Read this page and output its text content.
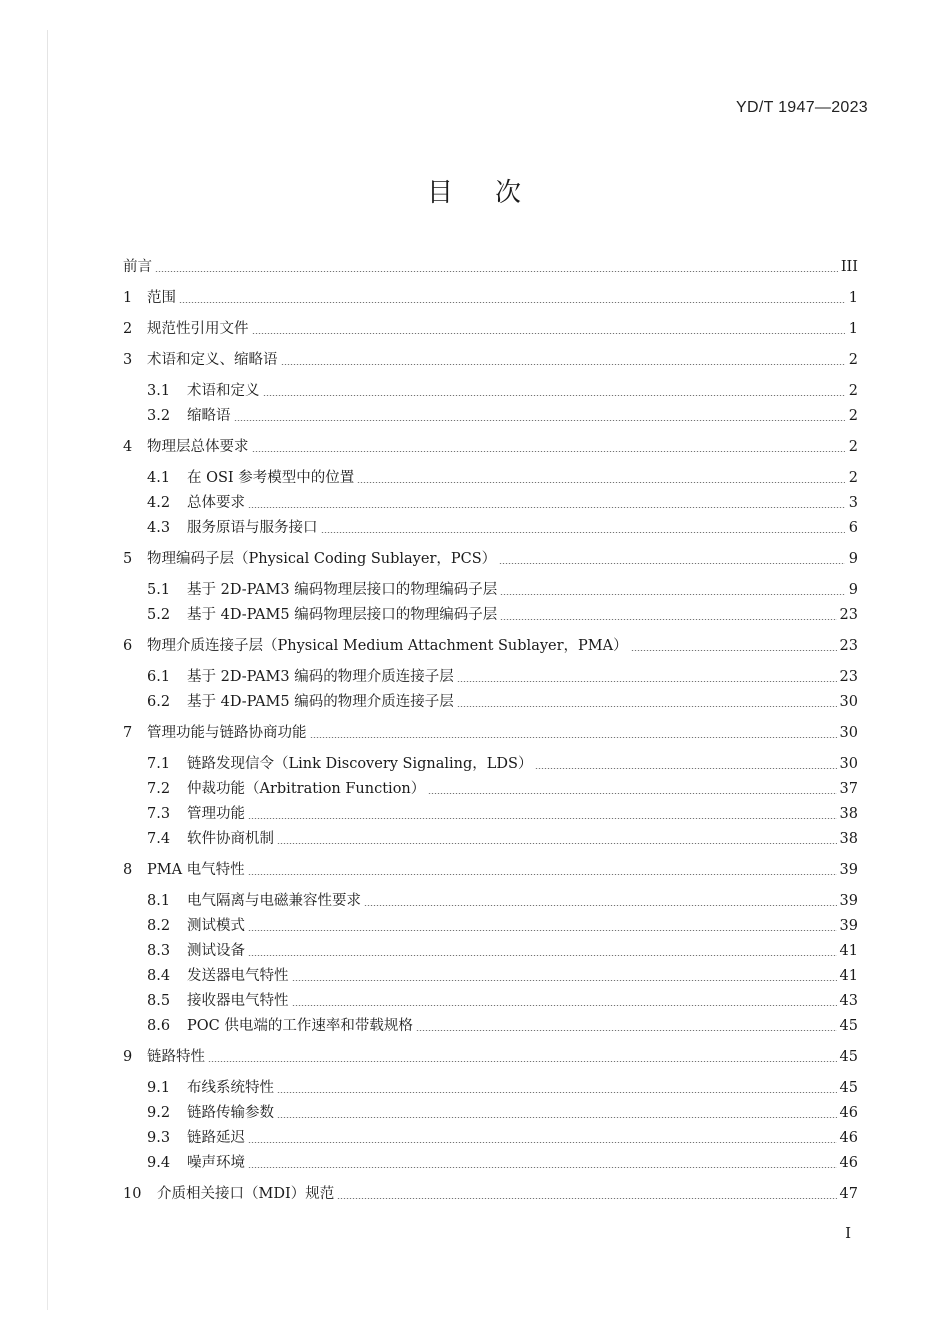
YD/T 1947—2023
目 次
前言	III
1	范围	1
2	规范性引用文件	1
3	术语和定义、缩略语	2
3.1	术语和定义	2
3.2	缩略语	2
4	物理层总体要求	2
4.1	在 OSI 参考模型中的位置	2
4.2	总体要求	3
4.3	服务原语与服务接口	6
5	物理编码子层（Physical Coding Sublayer，PCS）	9
5.1	基于 2D-PAM3 编码物理层接口的物理编码子层	9
5.2	基于 4D-PAM5 编码物理层接口的物理编码子层	23
6	物理介质连接子层（Physical Medium Attachment Sublayer，PMA）	23
6.1	基于 2D-PAM3 编码的物理介质连接子层	23
6.2	基于 4D-PAM5 编码的物理介质连接子层	30
7	管理功能与链路协商功能	30
7.1	链路发现信令（Link Discovery Signaling，LDS）	30
7.2	仲裁功能（Arbitration Function）	37
7.3	管理功能	38
7.4	软件协商机制	38
8	PMA 电气特性	39
8.1	电气隔离与电磁兼容性要求	39
8.2	测试模式	39
8.3	测试设备	41
8.4	发送器电气特性	41
8.5	接收器电气特性	43
8.6	POC 供电端的工作速率和带载规格	45
9	链路特性	45
9.1	布线系统特性	45
9.2	链路传输参数	46
9.3	链路延迟	46
9.4	噪声环境	46
10	介质相关接口（MDI）规范	47
I
